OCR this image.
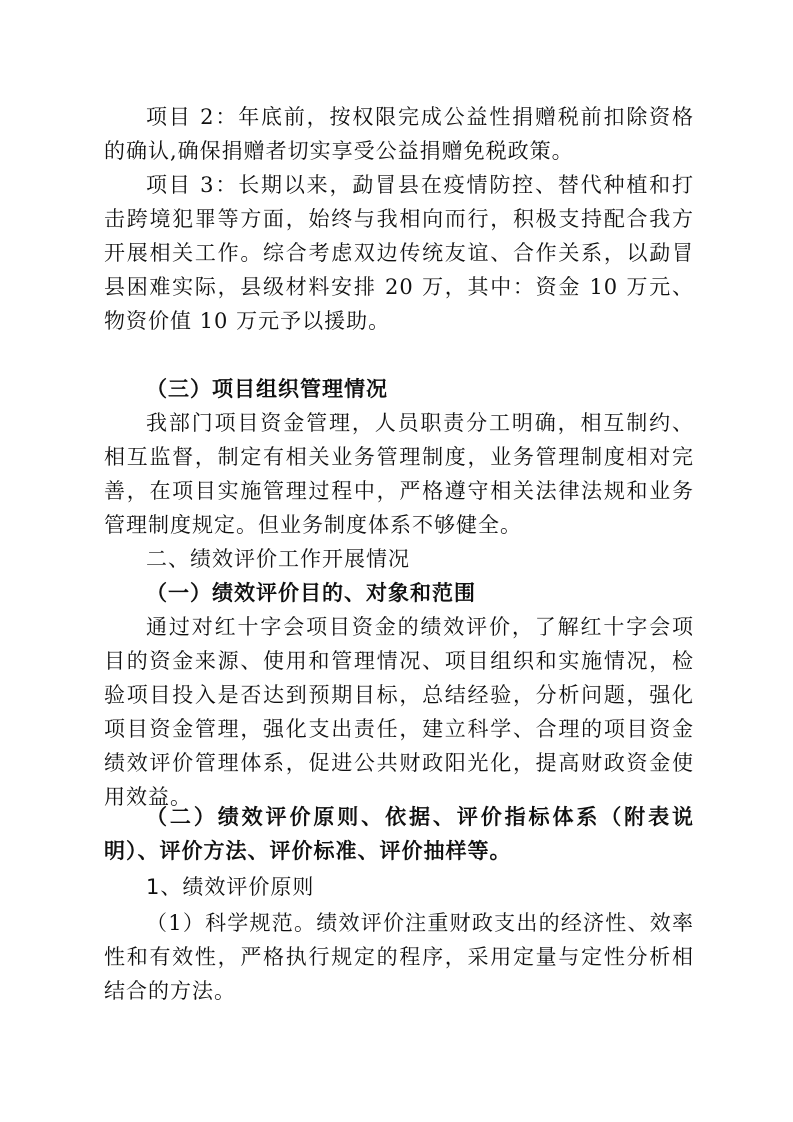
项目 2：年底前，按权限完成公益性捐赠税前扣除资格的确认,确保捐赠者切实享受公益捐赠免税政策。

项目 3：长期以来，勐冒县在疫情防控、替代种植和打击跨境犯罪等方面，始终与我相向而行，积极支持配合我方开展相关工作。综合考虑双边传统友谊、合作关系，以勐冒县困难实际，县级材料安排 20 万，其中：资金 10 万元、物资价值 10 万元予以援助。

（三）项目组织管理情况

我部门项目资金管理，人员职责分工明确，相互制约、相互监督，制定有相关业务管理制度，业务管理制度相对完善，在项目实施管理过程中，严格遵守相关法律法规和业务管理制度规定。但业务制度体系不够健全。

二、绩效评价工作开展情况

（一）绩效评价目的、对象和范围

通过对红十字会项目资金的绩效评价，了解红十字会项目的资金来源、使用和管理情况、项目组织和实施情况，检验项目投入是否达到预期目标，总结经验，分析问题，强化项目资金管理，强化支出责任，建立科学、合理的项目资金绩效评价管理体系，促进公共财政阳光化，提高财政资金使用效益。

（二）绩效评价原则、依据、评价指标体系（附表说明）、评价方法、评价标准、评价抽样等。

1、绩效评价原则

（1）科学规范。绩效评价注重财政支出的经济性、效率性和有效性，严格执行规定的程序，采用定量与定性分析相结合的方法。
